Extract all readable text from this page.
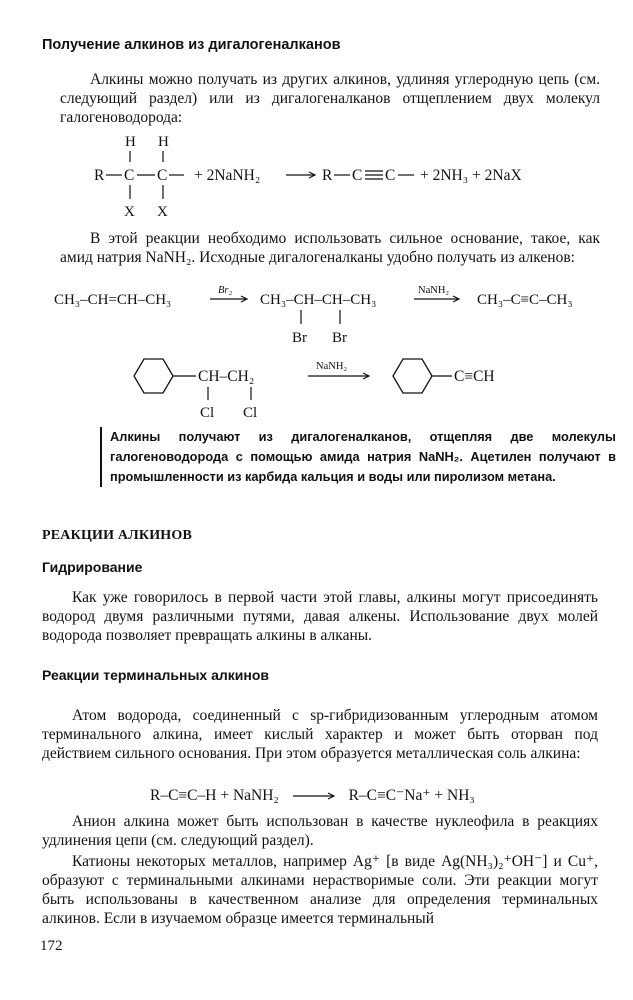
Получение алкинов из дигалогеналканов
Алкины можно получать из других алкинов, удлиняя углеродную цепь (см. следующий раздел) или из дигалогеналканов отщеплением двух молекул галогеноводорода:
H H
R C C
X X
+ 2NaNH₂	R C C + 2NH₃ + 2NaX
В этой реакции необходимо использовать сильное основание, такое, как амид натрия NaNH₂. Исходные дигалогеналканы удобно получать из алкенов:
CH₃–CH=CH–CH₃
Br₂
CH₃–CH–CH–CH₃
Br Br
NaNH₂
CH₃–C≡C–CH₃
CH–CH₂
Cl Cl
NaNH₂
C≡CH
Алкины получают из дигалогеналканов, отщепляя две молекулы галогеноводорода с помощью амида натрия NaNH₂. Ацетилен получают в промышленности из карбида кальция и воды или пиролизом метана.
РЕАКЦИИ АЛКИНОВ
Гидрирование
Как уже говорилось в первой части этой главы, алкины могут присоединять водород двумя различными путями, давая алкены. Использование двух молей водорода позволяет превращать алкины в алканы.
Реакции терминальных алкинов
Атом водорода, соединенный с sp-гибридизованным углеродным атомом терминального алкина, имеет кислый характер и может быть оторван под действием сильного основания. При этом образуется металлическая соль алкина:
R–C≡C–H + NaNH₂ → R–C≡C⁻Na⁺ + NH₃
Анион алкина может быть использован в качестве нуклеофила в реакциях удлинения цепи (см. следующий раздел).
Катионы некоторых металлов, например Ag⁺ [в виде Ag(NH₃)₂⁺OH⁻] и Cu⁺, образуют с терминальными алкинами нерастворимые соли. Эти реакции могут быть использованы в качественном анализе для определения терминальных алкинов. Если в изучаемом образце имеется терминальный
172
